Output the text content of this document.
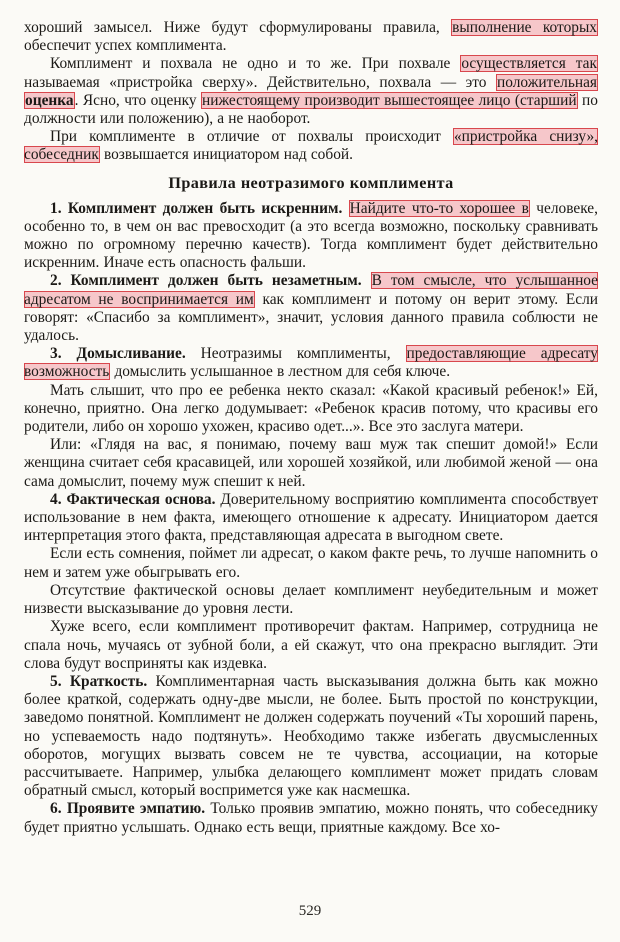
хороший замысел. Ниже будут сформулированы правила, выполнение которых обеспечит успех комплимента.

Комплимент и похвала не одно и то же. При похвале осуществляется так называемая «пристройка сверху». Действительно, похвала — это положительная оценка. Ясно, что оценку нижестоящему производит вышестоящее лицо (старший по должности или положению), а не наоборот.

При комплименте в отличие от похвалы происходит «пристройка снизу», собеседник возвышается инициатором над собой.

Правила неотразимого комплимента

1. Комплимент должен быть искренним. Найдите что-то хорошее в человеке, особенно то, в чем он вас превосходит (а это всегда возможно, поскольку сравнивать можно по огромному перечню качеств). Тогда комплимент будет действительно искренним. Иначе есть опасность фальши.

2. Комплимент должен быть незаметным. В том смысле, что услышанное адресатом не воспринимается им как комплимент и потому он верит этому. Если говорят: «Спасибо за комплимент», значит, условия данного правила соблюсти не удалось.

3. Домысливание. Неотразимы комплименты, предоставляющие адресату возможность домыслить услышанное в лестном для себя ключе.

Мать слышит, что про ее ребенка некто сказал: «Какой красивый ребенок!» Ей, конечно, приятно. Она легко додумывает: «Ребенок красив потому, что красивы его родители, либо он хорошо ухожен, красиво одет...». Все это заслуга матери.

Или: «Глядя на вас, я понимаю, почему ваш муж так спешит домой!» Если женщина считает себя красавицей, или хорошей хозяйкой, или любимой женой — она сама домыслит, почему муж спешит к ней.

4. Фактическая основа. Доверительному восприятию комплимента способствует использование в нем факта, имеющего отношение к адресату. Инициатором дается интерпретация этого факта, представляющая адресата в выгодном свете.

Если есть сомнения, поймет ли адресат, о каком факте речь, то лучше напомнить о нем и затем уже обыгрывать его.

Отсутствие фактической основы делает комплимент неубедительным и может низвести высказывание до уровня лести.

Хуже всего, если комплимент противоречит фактам. Например, сотрудница не спала ночь, мучаясь от зубной боли, а ей скажут, что она прекрасно выглядит. Эти слова будут восприняты как издевка.

5. Краткость. Комплиментарная часть высказывания должна быть как можно более краткой, содержать одну-две мысли, не более. Быть простой по конструкции, заведомо понятной. Комплимент не должен содержать поучений «Ты хороший парень, но успеваемость надо подтянуть». Необходимо также избегать двусмысленных оборотов, могущих вызвать совсем не те чувства, ассоциации, на которые рассчитываете. Например, улыбка делающего комплимент может придать словам обратный смысл, который воспримется уже как насмешка.

6. Проявите эмпатию. Только проявив эмпатию, можно понять, что собеседнику будет приятно услышать. Однако есть вещи, приятные каждому. Все хо-

529
